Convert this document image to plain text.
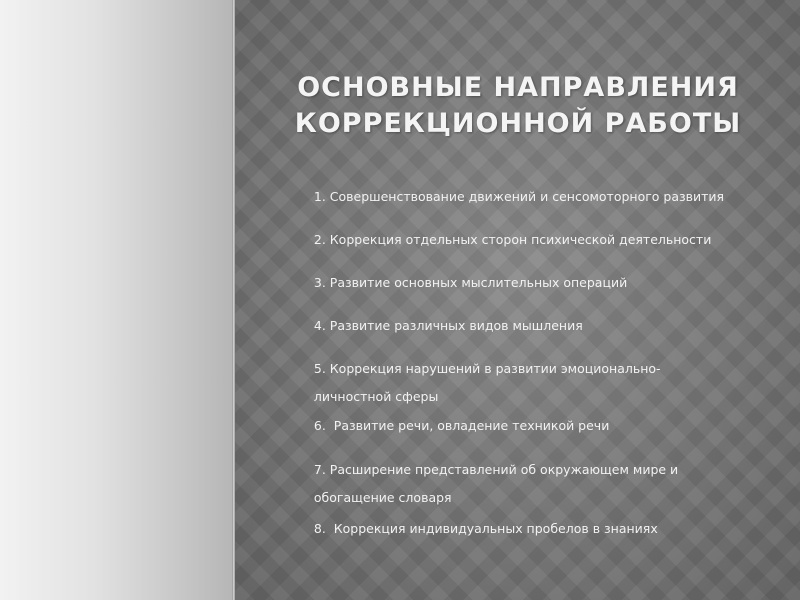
ОСНОВНЫЕ НАПРАВЛЕНИЯ
КОРРЕКЦИОННОЙ РАБОТЫ

1. Совершенствование движений и сенсомоторного развития

2. Коррекция отдельных сторон психической деятельности

3. Развитие основных мыслительных операций

4. Развитие различных видов мышления

5. Коррекция нарушений в развитии эмоционально-

личностной сферы

6.  Развитие речи, овладение техникой речи

7. Расширение представлений об окружающем мире и

обогащение словаря

8.  Коррекция индивидуальных пробелов в знаниях
